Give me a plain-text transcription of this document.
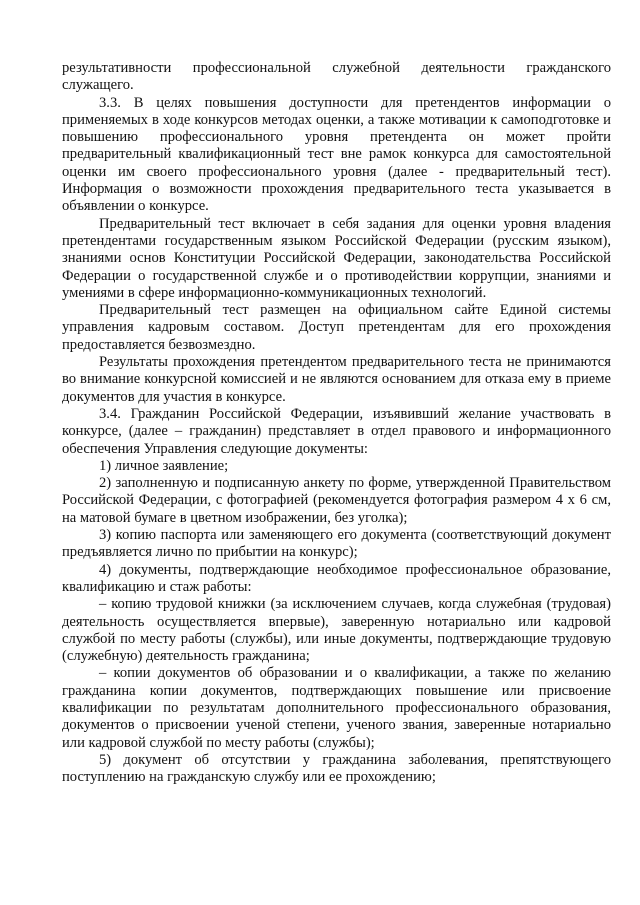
результативности профессиональной служебной деятельности гражданского служащего.

3.3. В целях повышения доступности для претендентов информации о применяемых в ходе конкурсов методах оценки, а также мотивации к самоподготовке и повышению профессионального уровня претендента он может пройти предварительный квалификационный тест вне рамок конкурса для самостоятельной оценки им своего профессионального уровня (далее - предварительный тест). Информация о возможности прохождения предварительного теста указывается в объявлении о конкурсе.

Предварительный тест включает в себя задания для оценки уровня владения претендентами государственным языком Российской Федерации (русским языком), знаниями основ Конституции Российской Федерации, законодательства Российской Федерации о государственной службе и о противодействии коррупции, знаниями и умениями в сфере информационно-коммуникационных технологий.

Предварительный тест размещен на официальном сайте Единой системы управления кадровым составом. Доступ претендентам для его прохождения предоставляется безвозмездно.

Результаты прохождения претендентом предварительного теста не принимаются во внимание конкурсной комиссией и не являются основанием для отказа ему в приеме документов для участия в конкурсе.

3.4. Гражданин Российской Федерации, изъявивший желание участвовать в конкурсе, (далее – гражданин) представляет в отдел правового и информационного обеспечения Управления следующие документы:

1) личное заявление;

2) заполненную и подписанную анкету по форме, утвержденной Правительством Российской Федерации, с фотографией (рекомендуется фотография размером 4 х 6 см, на матовой бумаге в цветном изображении, без уголка);

3) копию паспорта или заменяющего его документа (соответствующий документ предъявляется лично по прибытии на конкурс);

4) документы, подтверждающие необходимое профессиональное образование, квалификацию и стаж работы:

– копию трудовой книжки (за исключением случаев, когда служебная (трудовая) деятельность осуществляется впервые), заверенную нотариально или кадровой службой по месту работы (службы), или иные документы, подтверждающие трудовую (служебную) деятельность гражданина;

– копии документов об образовании и о квалификации, а также по желанию гражданина копии документов, подтверждающих повышение или присвоение квалификации по результатам дополнительного профессионального образования, документов о присвоении ученой степени, ученого звания, заверенные нотариально или кадровой службой по месту работы (службы);

5) документ об отсутствии у гражданина заболевания, препятствующего поступлению на гражданскую службу или ее прохождению;
